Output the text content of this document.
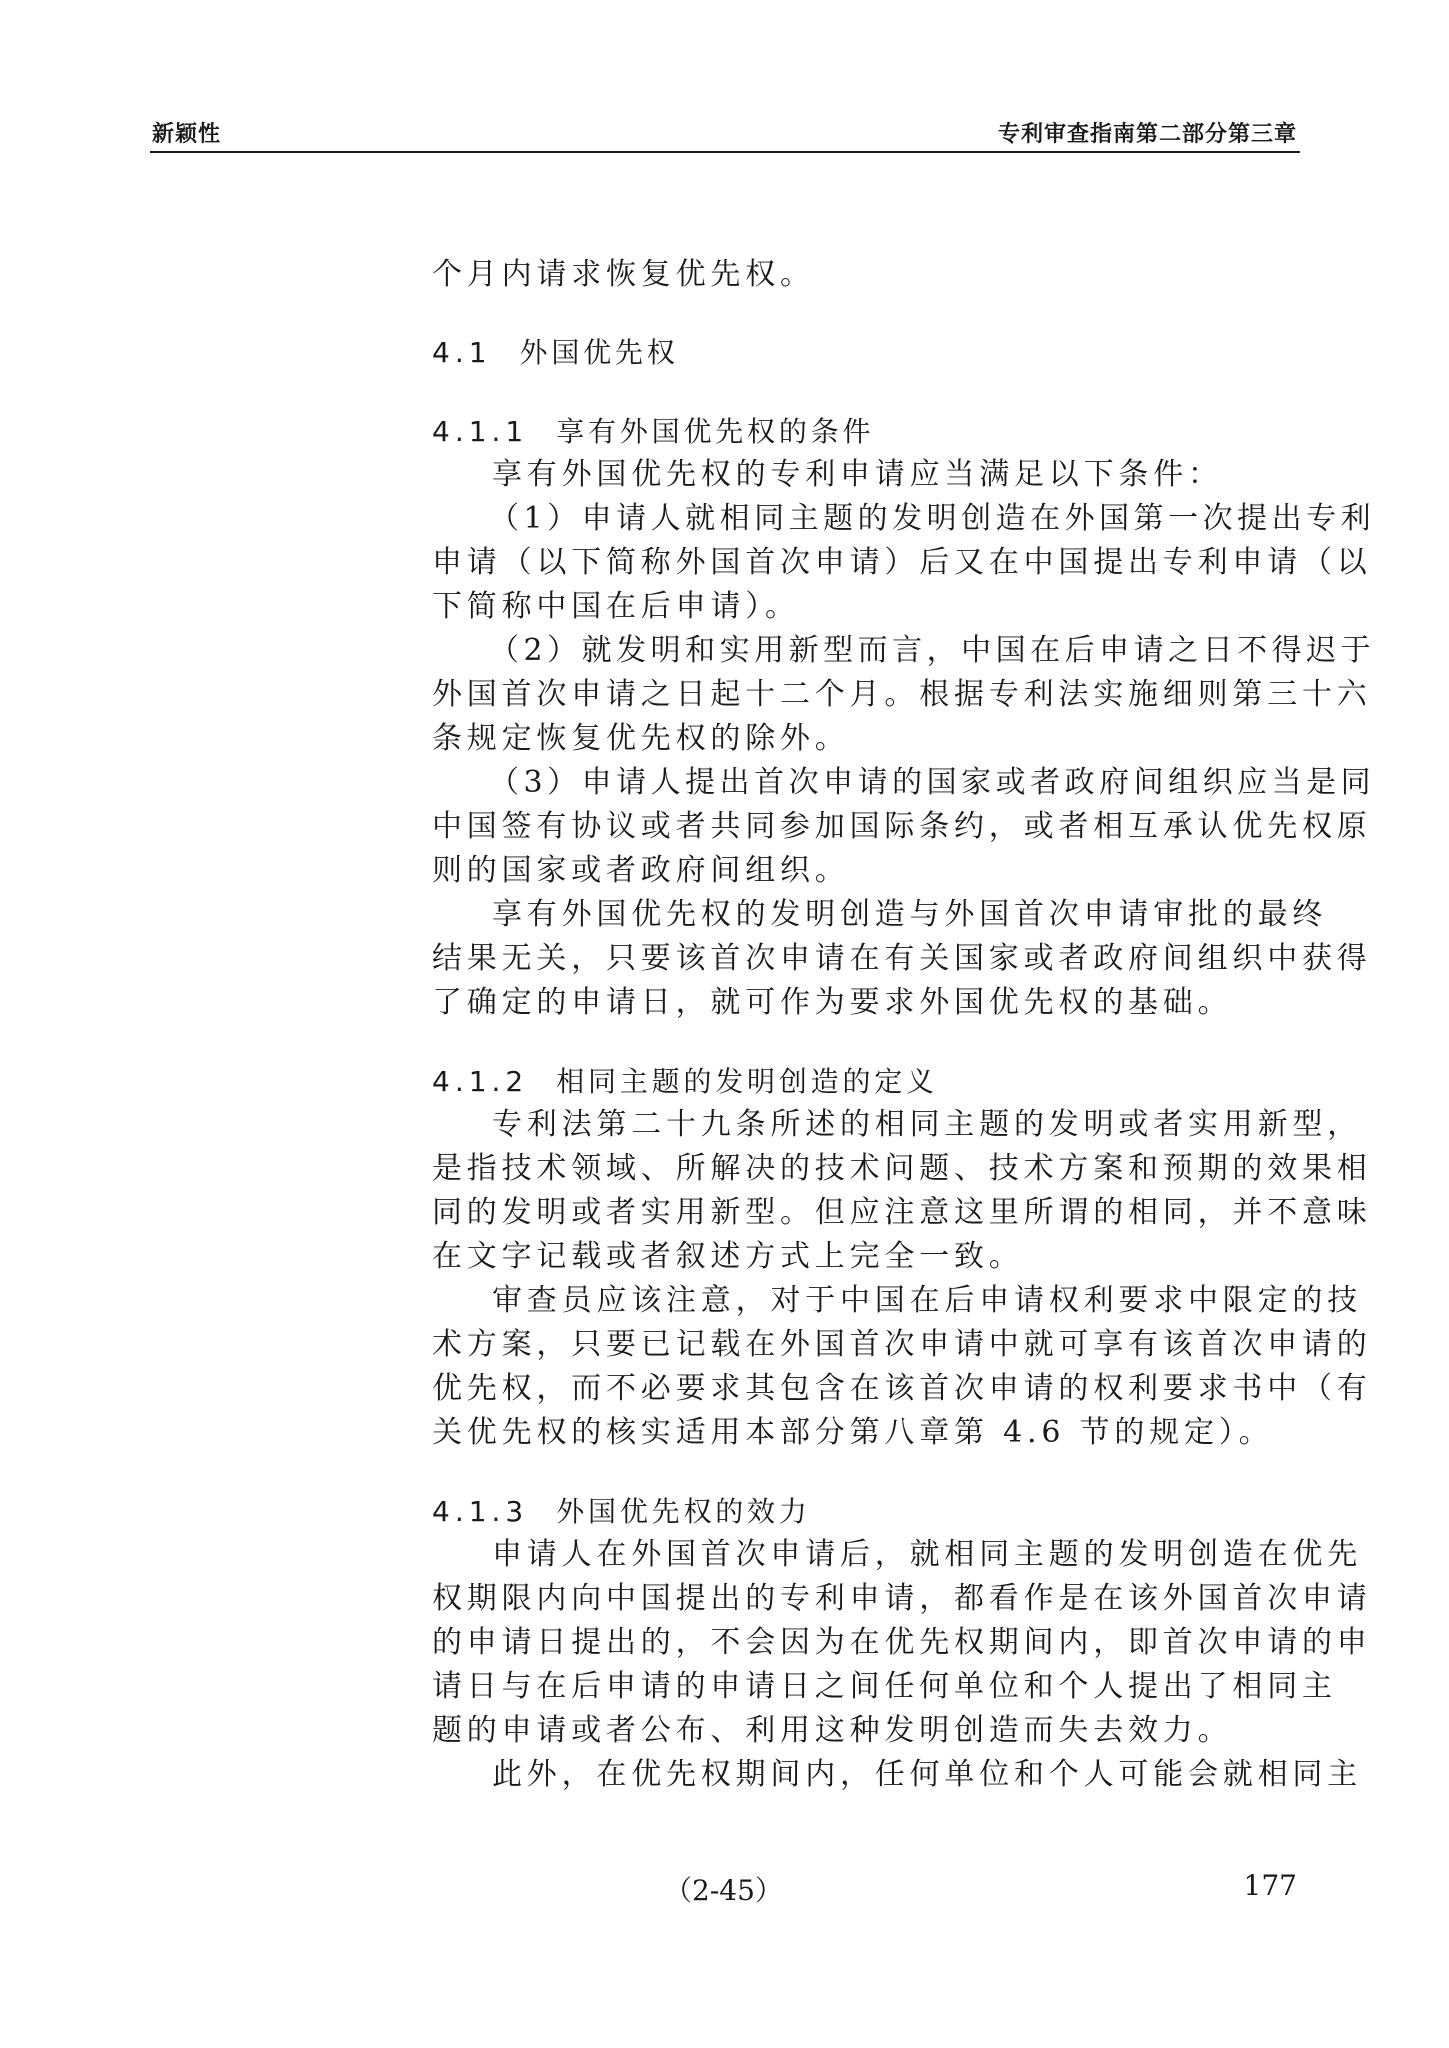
新颖性	专利审查指南第二部分第三章
个月内请求恢复优先权。
4.1 外国优先权
4.1.1 享有外国优先权的条件
享有外国优先权的专利申请应当满足以下条件：
（1）申请人就相同主题的发明创造在外国第一次提出专利
申请（以下简称外国首次申请）后又在中国提出专利申请（以
下简称中国在后申请）。
（2）就发明和实用新型而言，中国在后申请之日不得迟于
外国首次申请之日起十二个月。根据专利法实施细则第三十六
条规定恢复优先权的除外。
（3）申请人提出首次申请的国家或者政府间组织应当是同
中国签有协议或者共同参加国际条约，或者相互承认优先权原
则的国家或者政府间组织。
享有外国优先权的发明创造与外国首次申请审批的最终
结果无关，只要该首次申请在有关国家或者政府间组织中获得
了确定的申请日，就可作为要求外国优先权的基础。
4.1.2 相同主题的发明创造的定义
专利法第二十九条所述的相同主题的发明或者实用新型，
是指技术领域、所解决的技术问题、技术方案和预期的效果相
同的发明或者实用新型。但应注意这里所谓的相同，并不意味
在文字记载或者叙述方式上完全一致。
审查员应该注意，对于中国在后申请权利要求中限定的技
术方案，只要已记载在外国首次申请中就可享有该首次申请的
优先权，而不必要求其包含在该首次申请的权利要求书中（有
关优先权的核实适用本部分第八章第 4.6 节的规定）。
4.1.3 外国优先权的效力
申请人在外国首次申请后，就相同主题的发明创造在优先
权期限内向中国提出的专利申请，都看作是在该外国首次申请
的申请日提出的，不会因为在优先权期间内，即首次申请的申
请日与在后申请的申请日之间任何单位和个人提出了相同主
题的申请或者公布、利用这种发明创造而失去效力。
此外，在优先权期间内，任何单位和个人可能会就相同主
（2-45）	177
